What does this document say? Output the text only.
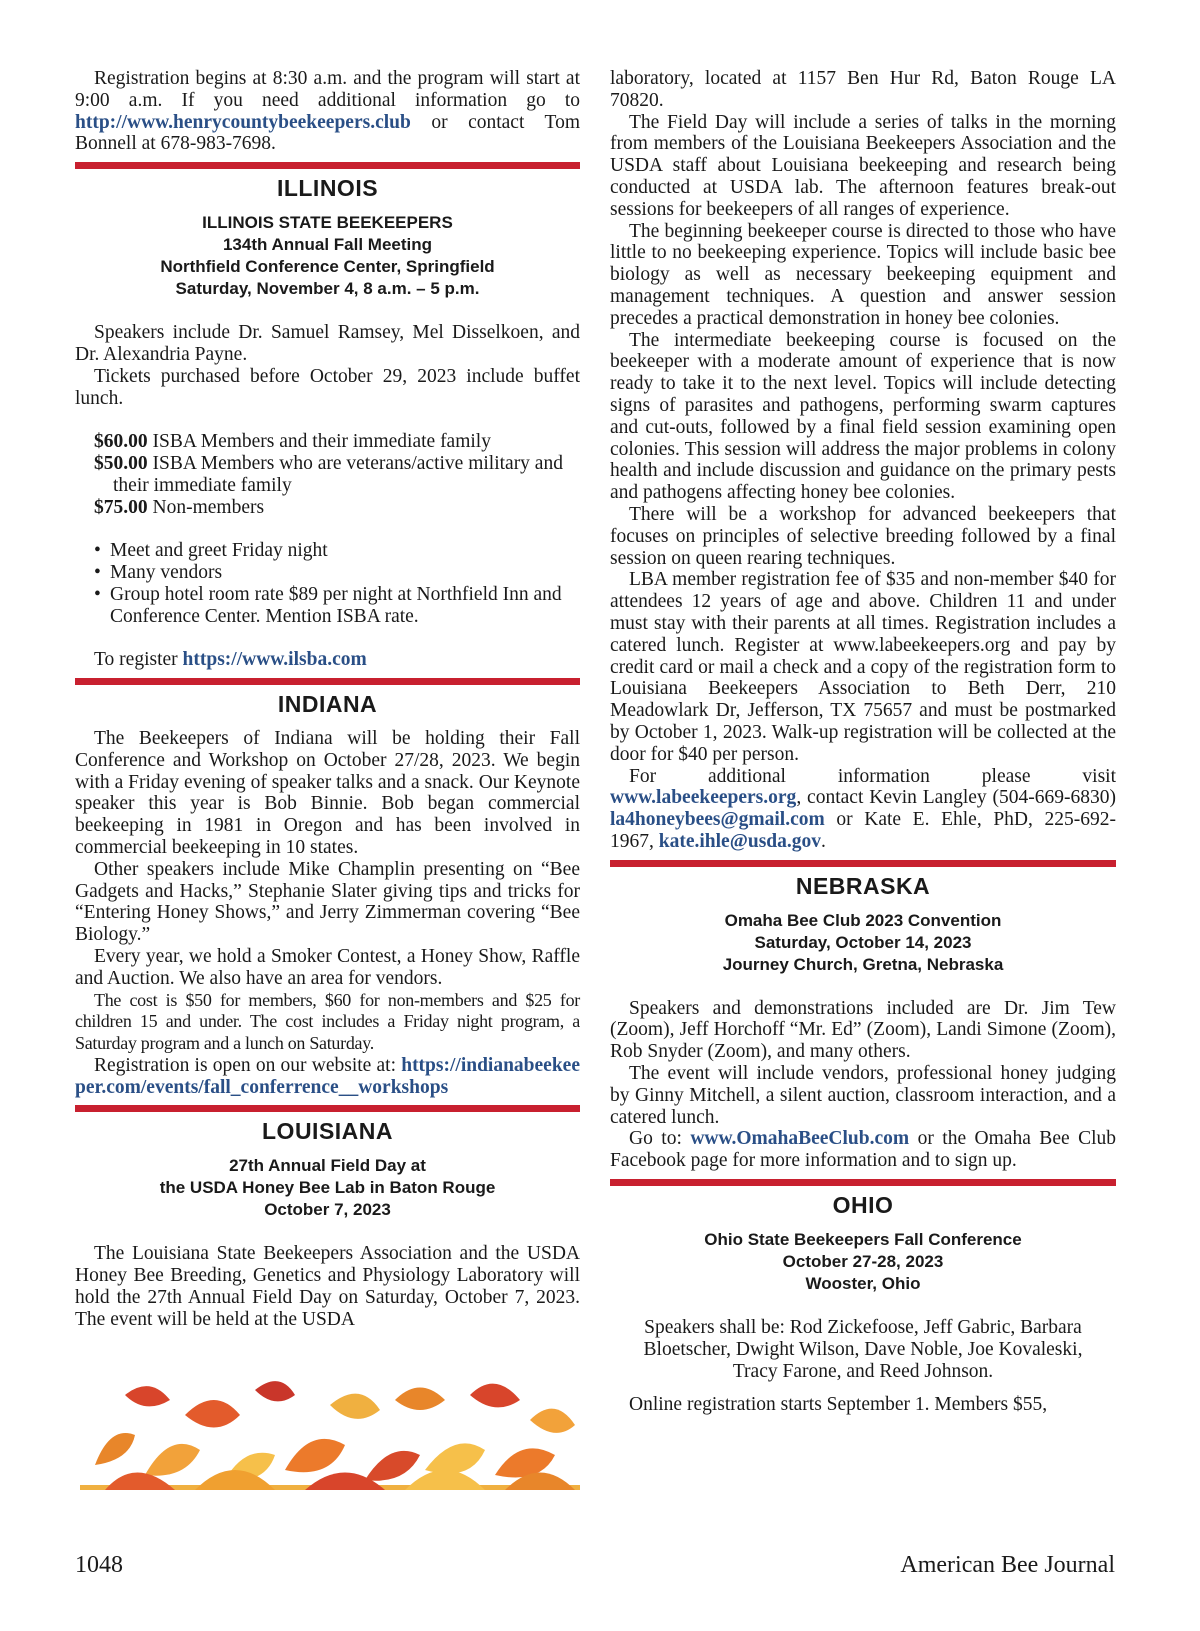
Registration begins at 8:30 a.m. and the program will start at 9:00 a.m. If you need additional information go to http://www.henrycountybeekeepers.club or contact Tom Bonnell at 678-983-7698.

ILLINOIS
ILLINOIS STATE BEEKEEPERS
134th Annual Fall Meeting
Northfield Conference Center, Springfield
Saturday, November 4, 8 a.m. – 5 p.m.

Speakers include Dr. Samuel Ramsey, Mel Disselkoen, and Dr. Alexandria Payne.

Tickets purchased before October 29, 2023 include buffet lunch.

$60.00 ISBA Members and their immediate family

$50.00 ISBA Members who are veterans/active military and their immediate family

$75.00 Non-members

• Meet and greet Friday night
• Many vendors
• Group hotel room rate $89 per night at Northfield Inn and Conference Center. Mention ISBA rate.

To register https://www.ilsba.com

INDIANA

The Beekeepers of Indiana will be holding their Fall Conference and Workshop on October 27/28, 2023. We begin with a Friday evening of speaker talks and a snack. Our Keynote speaker this year is Bob Binnie. Bob began commercial beekeeping in 1981 in Oregon and has been involved in commercial beekeeping in 10 states.

Other speakers include Mike Champlin presenting on “Bee Gadgets and Hacks,” Stephanie Slater giving tips and tricks for “Entering Honey Shows,” and Jerry Zimmerman covering “Bee Biology.”

Every year, we hold a Smoker Contest, a Honey Show, Raffle and Auction. We also have an area for vendors.

The cost is $50 for members, $60 for non-members and $25 for children 15 and under. The cost includes a Friday night program, a Saturday program and a lunch on Saturday.

Registration is open on our website at: https://indianabeekeeper.com/events/fall_conferrence__workshops

LOUISIANA
27th Annual Field Day at
the USDA Honey Bee Lab in Baton Rouge
October 7, 2023

The Louisiana State Beekeepers Association and the USDA Honey Bee Breeding, Genetics and Physiology Laboratory will hold the 27th Annual Field Day on Saturday, October 7, 2023. The event will be held at the USDA

laboratory, located at 1157 Ben Hur Rd, Baton Rouge LA 70820.

The Field Day will include a series of talks in the morning from members of the Louisiana Beekeepers Association and the USDA staff about Louisiana beekeeping and research being conducted at USDA lab. The afternoon features break-out sessions for beekeepers of all ranges of experience.

The beginning beekeeper course is directed to those who have little to no beekeeping experience. Topics will include basic bee biology as well as necessary beekeeping equipment and management techniques. A question and answer session precedes a practical demonstration in honey bee colonies.

The intermediate beekeeping course is focused on the beekeeper with a moderate amount of experience that is now ready to take it to the next level. Topics will include detecting signs of parasites and pathogens, performing swarm captures and cut-outs, followed by a final field session examining open colonies. This session will address the major problems in colony health and include discussion and guidance on the primary pests and pathogens affecting honey bee colonies.

There will be a workshop for advanced beekeepers that focuses on principles of selective breeding followed by a final session on queen rearing techniques.

LBA member registration fee of $35 and non-member $40 for attendees 12 years of age and above. Children 11 and under must stay with their parents at all times. Registration includes a catered lunch. Register at www.labeekeepers.org and pay by credit card or mail a check and a copy of the registration form to Louisiana Beekeepers Association to Beth Derr, 210 Meadowlark Dr, Jefferson, TX 75657 and must be postmarked by October 1, 2023. Walk-up registration will be collected at the door for $40 per person.

For additional information please visit www.labeekeepers.org, contact Kevin Langley (504-669-6830) la4honeybees@gmail.com or Kate E. Ehle, PhD, 225-692-1967, kate.ihle@usda.gov.

NEBRASKA
Omaha Bee Club 2023 Convention
Saturday, October 14, 2023
Journey Church, Gretna, Nebraska

Speakers and demonstrations included are Dr. Jim Tew (Zoom), Jeff Horchoff “Mr. Ed” (Zoom), Landi Simone (Zoom), Rob Snyder (Zoom), and many others.

The event will include vendors, professional honey judging by Ginny Mitchell, a silent auction, classroom interaction, and a catered lunch.

Go to: www.OmahaBeeClub.com or the Omaha Bee Club Facebook page for more information and to sign up.

OHIO
Ohio State Beekeepers Fall Conference
October 27-28, 2023
Wooster, Ohio

Speakers shall be: Rod Zickefoose, Jeff Gabric, Barbara Bloetscher, Dwight Wilson, Dave Noble, Joe Kovaleski, Tracy Farone, and Reed Johnson.

Online registration starts September 1. Members $55,

1048	American Bee Journal
